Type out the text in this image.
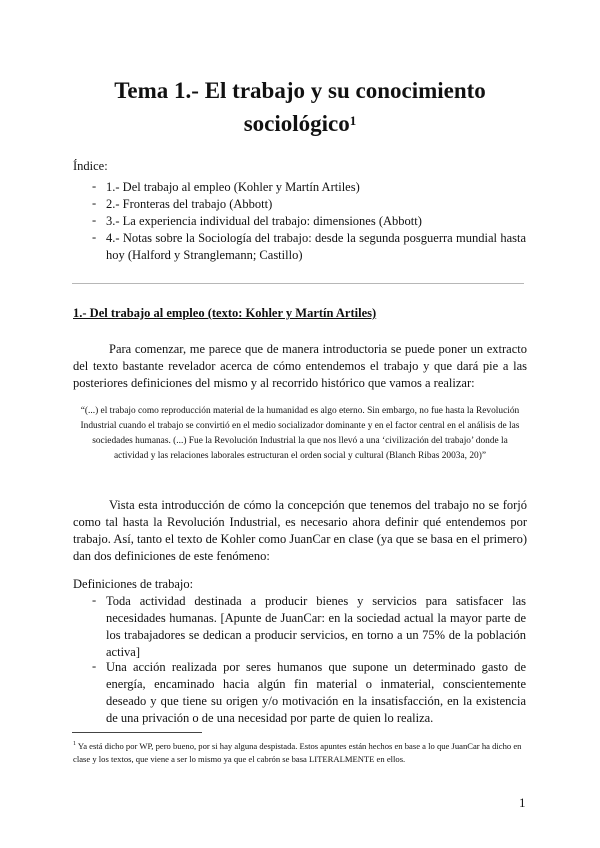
Tema 1.- El trabajo y su conocimiento
sociológico$^1$
Índice:
- 1.- Del trabajo al empleo (Kohler y Martín Artiles)
- 2.- Fronteras del trabajo (Abbott)
- 3.- La experiencia individual del trabajo: dimensiones (Abbott)
- 4.- Notas sobre la Sociología del trabajo: desde la segunda posguerra mundial hasta hoy (Halford y Stranglemann; Castillo)
1.- Del trabajo al empleo (texto: Kohler y Martín Artiles)
Para comenzar, me parece que de manera introductoria se puede poner un extracto del texto bastante revelador acerca de cómo entendemos el trabajo y que dará pie a las posteriores definiciones del mismo y al recorrido histórico que vamos a realizar:
“(...) el trabajo como reproducción material de la humanidad es algo eterno. Sin embargo, no fue hasta la Revolución Industrial cuando el trabajo se convirtió en el medio socializador dominante y en el factor central en el análisis de las sociedades humanas. (...) Fue la Revolución Industrial la que nos llevó a una ‘civilización del trabajo’ donde la actividad y las relaciones laborales estructuran el orden social y cultural (Blanch Ribas 2003a, 20)”
Vista esta introducción de cómo la concepción que tenemos del trabajo no se forjó como tal hasta la Revolución Industrial, es necesario ahora definir qué entendemos por trabajo. Así, tanto el texto de Kohler como JuanCar en clase (ya que se basa en el primero) dan dos definiciones de este fenómeno:
Definiciones de trabajo:
- Toda actividad destinada a producir bienes y servicios para satisfacer las necesidades humanas. [Apunte de JuanCar: en la sociedad actual la mayor parte de los trabajadores se dedican a producir servicios, en torno a un 75% de la población activa]
- Una acción realizada por seres humanos que supone un determinado gasto de energía, encaminado hacia algún fin material o inmaterial, conscientemente deseado y que tiene su origen y/o motivación en la insatisfacción, en la existencia de una privación o de una necesidad por parte de quien lo realiza.
$^1$ Ya está dicho por WP, pero bueno, por si hay alguna despistada. Estos apuntes están hechos en base a lo que JuanCar ha dicho en clase y los textos, que viene a ser lo mismo ya que el cabrón se basa LITERALMENTE en ellos.
1
